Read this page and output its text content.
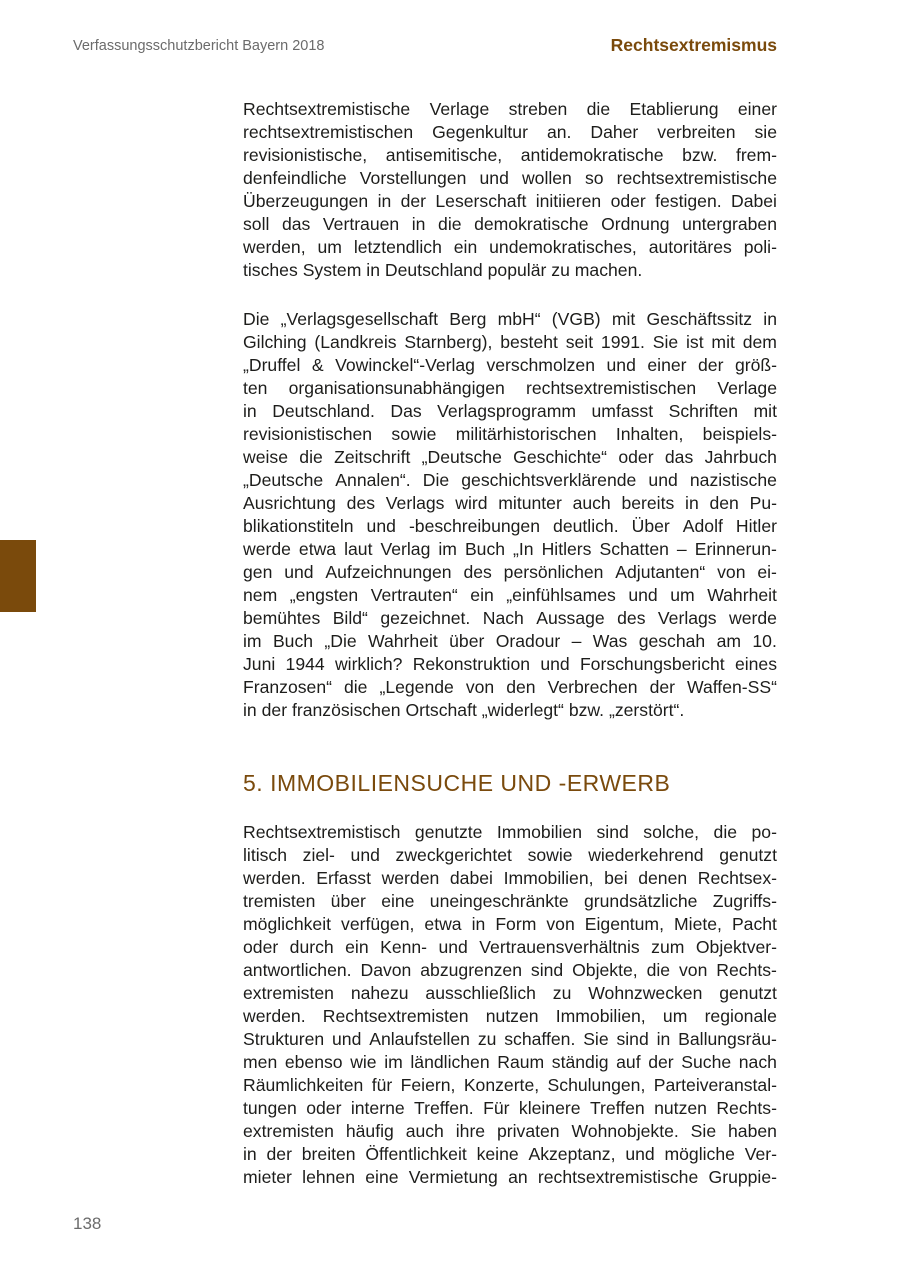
Verfassungsschutzbericht Bayern 2018	Rechtsextremismus
Rechtsextremistische Verlage streben die Etablierung einer
rechtsextremistischen Gegenkultur an. Daher verbreiten sie
revisionistische, antisemitische, antidemokratische bzw. frem-
denfeindliche Vorstellungen und wollen so rechtsextremistische
Überzeugungen in der Leserschaft initiieren oder festigen. Dabei
soll das Vertrauen in die demokratische Ordnung untergraben
werden, um letztendlich ein undemokratisches, autoritäres poli-
tisches System in Deutschland populär zu machen.
Die „Verlagsgesellschaft Berg mbH“ (VGB) mit Geschäftssitz in
Gilching (Landkreis Starnberg), besteht seit 1991. Sie ist mit dem
„Druffel & Vowinckel“-Verlag verschmolzen und einer der größ-
ten organisationsunabhängigen rechtsextremistischen Verlage
in Deutschland. Das Verlagsprogramm umfasst Schriften mit
revisionistischen sowie militärhistorischen Inhalten, beispiels-
weise die Zeitschrift „Deutsche Geschichte“ oder das Jahrbuch
„Deutsche Annalen“. Die geschichtsverklärende und nazistische
Ausrichtung des Verlags wird mitunter auch bereits in den Pu-
blikationstiteln und -beschreibungen deutlich. Über Adolf Hitler
werde etwa laut Verlag im Buch „In Hitlers Schatten – Erinnerun-
gen und Aufzeichnungen des persönlichen Adjutanten“ von ei-
nem „engsten Vertrauten“ ein „einfühlsames und um Wahrheit
bemühtes Bild“ gezeichnet. Nach Aussage des Verlags werde
im Buch „Die Wahrheit über Oradour – Was geschah am 10.
Juni 1944 wirklich? Rekonstruktion und Forschungsbericht eines
Franzosen“ die „Legende von den Verbrechen der Waffen-SS“
in der französischen Ortschaft „widerlegt“ bzw. „zerstört“.
5. IMMOBILIENSUCHE UND -ERWERB
Rechtsextremistisch genutzte Immobilien sind solche, die po-
litisch ziel- und zweckgerichtet sowie wiederkehrend genutzt
werden. Erfasst werden dabei Immobilien, bei denen Rechtsex-
tremisten über eine uneingeschränkte grundsätzliche Zugriffs-
möglichkeit verfügen, etwa in Form von Eigentum, Miete, Pacht
oder durch ein Kenn- und Vertrauensverhältnis zum Objektver-
antwortlichen. Davon abzugrenzen sind Objekte, die von Rechts-
extremisten nahezu ausschließlich zu Wohnzwecken genutzt
werden. Rechtsextremisten nutzen Immobilien, um regionale
Strukturen und Anlaufstellen zu schaffen. Sie sind in Ballungsräu-
men ebenso wie im ländlichen Raum ständig auf der Suche nach
Räumlichkeiten für Feiern, Konzerte, Schulungen, Parteiveranstal-
tungen oder interne Treffen. Für kleinere Treffen nutzen Rechts-
extremisten häufig auch ihre privaten Wohnobjekte. Sie haben
in der breiten Öffentlichkeit keine Akzeptanz, und mögliche Ver-
mieter lehnen eine Vermietung an rechtsextremistische Gruppie-
138
